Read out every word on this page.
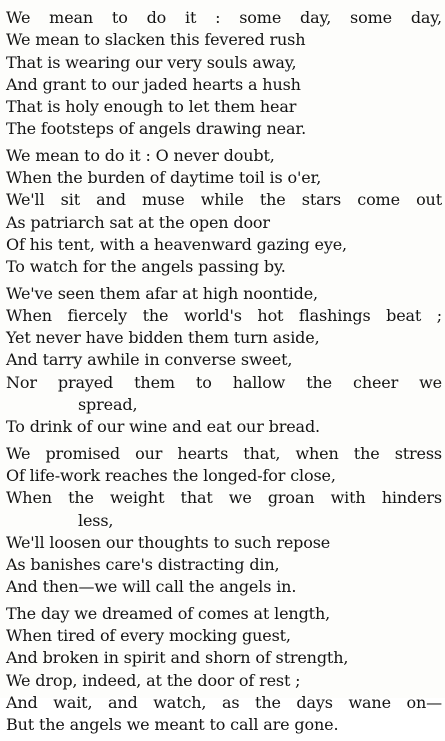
We mean to do it : some day, some day,
We mean to slacken this fevered rush
That is wearing our very souls away,
And grant to our jaded hearts a hush
That is holy enough to let them hear
The footsteps of angels drawing near.
We mean to do it : O never doubt,
When the burden of daytime toil is o'er,
We'll sit and muse while the stars come out
As patriarch sat at the open door
Of his tent, with a heavenward gazing eye,
To watch for the angels passing by.
We've seen them afar at high noontide,
When fiercely the world's hot flashings beat ;
Yet never have bidden them turn aside,
And tarry awhile in converse sweet,
Nor prayed them to hallow the cheer we
spread,
To drink of our wine and eat our bread.
We promised our hearts that, when the stress
Of life-work reaches the longed-for close,
When the weight that we groan with hinders
less,
We'll loosen our thoughts to such repose
As banishes care's distracting din,
And then—we will call the angels in.
The day we dreamed of comes at length,
When tired of every mocking guest,
And broken in spirit and shorn of strength,
We drop, indeed, at the door of rest ;
And wait, and watch, as the days wane on—
But the angels we meant to call are gone.
